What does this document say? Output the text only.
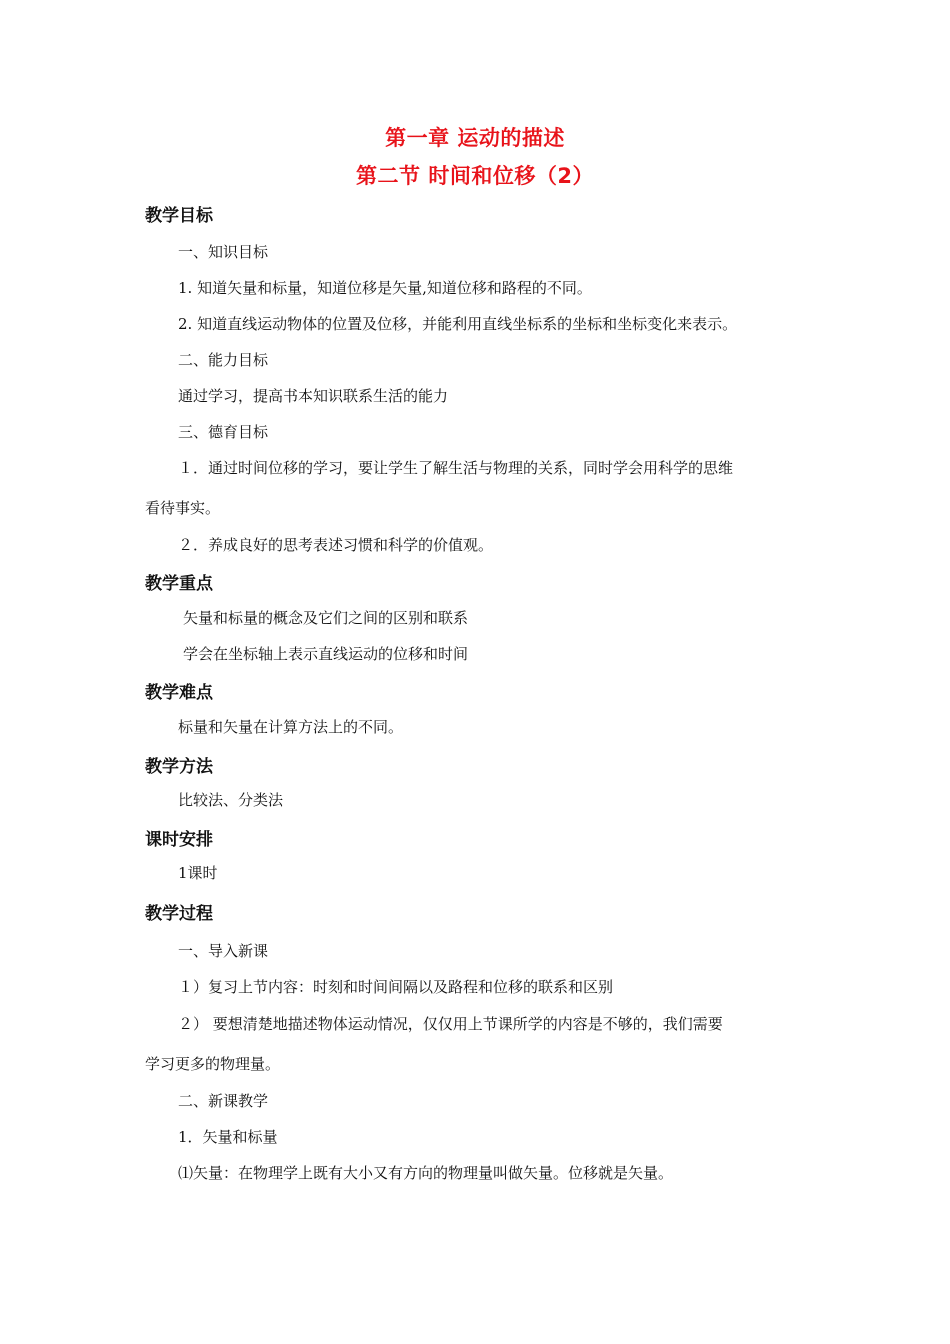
第一章 运动的描述
第二节 时间和位移（2）
教学目标
一、知识目标
1. 知道矢量和标量，知道位移是矢量,知道位移和路程的不同。
2. 知道直线运动物体的位置及位移，并能利用直线坐标系的坐标和坐标变化来表示。
二、能力目标
通过学习，提高书本知识联系生活的能力
三、德育目标
１．通过时间位移的学习，要让学生了解生活与物理的关系，同时学会用科学的思维
看待事实。
２．养成良好的思考表述习惯和科学的价值观。
教学重点
矢量和标量的概念及它们之间的区别和联系
学会在坐标轴上表示直线运动的位移和时间
教学难点
标量和矢量在计算方法上的不同。
教学方法
比较法、分类法
课时安排
1课时
教学过程
一、导入新课
１）复习上节内容：时刻和时间间隔以及路程和位移的联系和区别
２） 要想清楚地描述物体运动情况，仅仅用上节课所学的内容是不够的，我们需要
学习更多的物理量。
二、新课教学
1．矢量和标量
⑴矢量：在物理学上既有大小又有方向的物理量叫做矢量。位移就是矢量。
